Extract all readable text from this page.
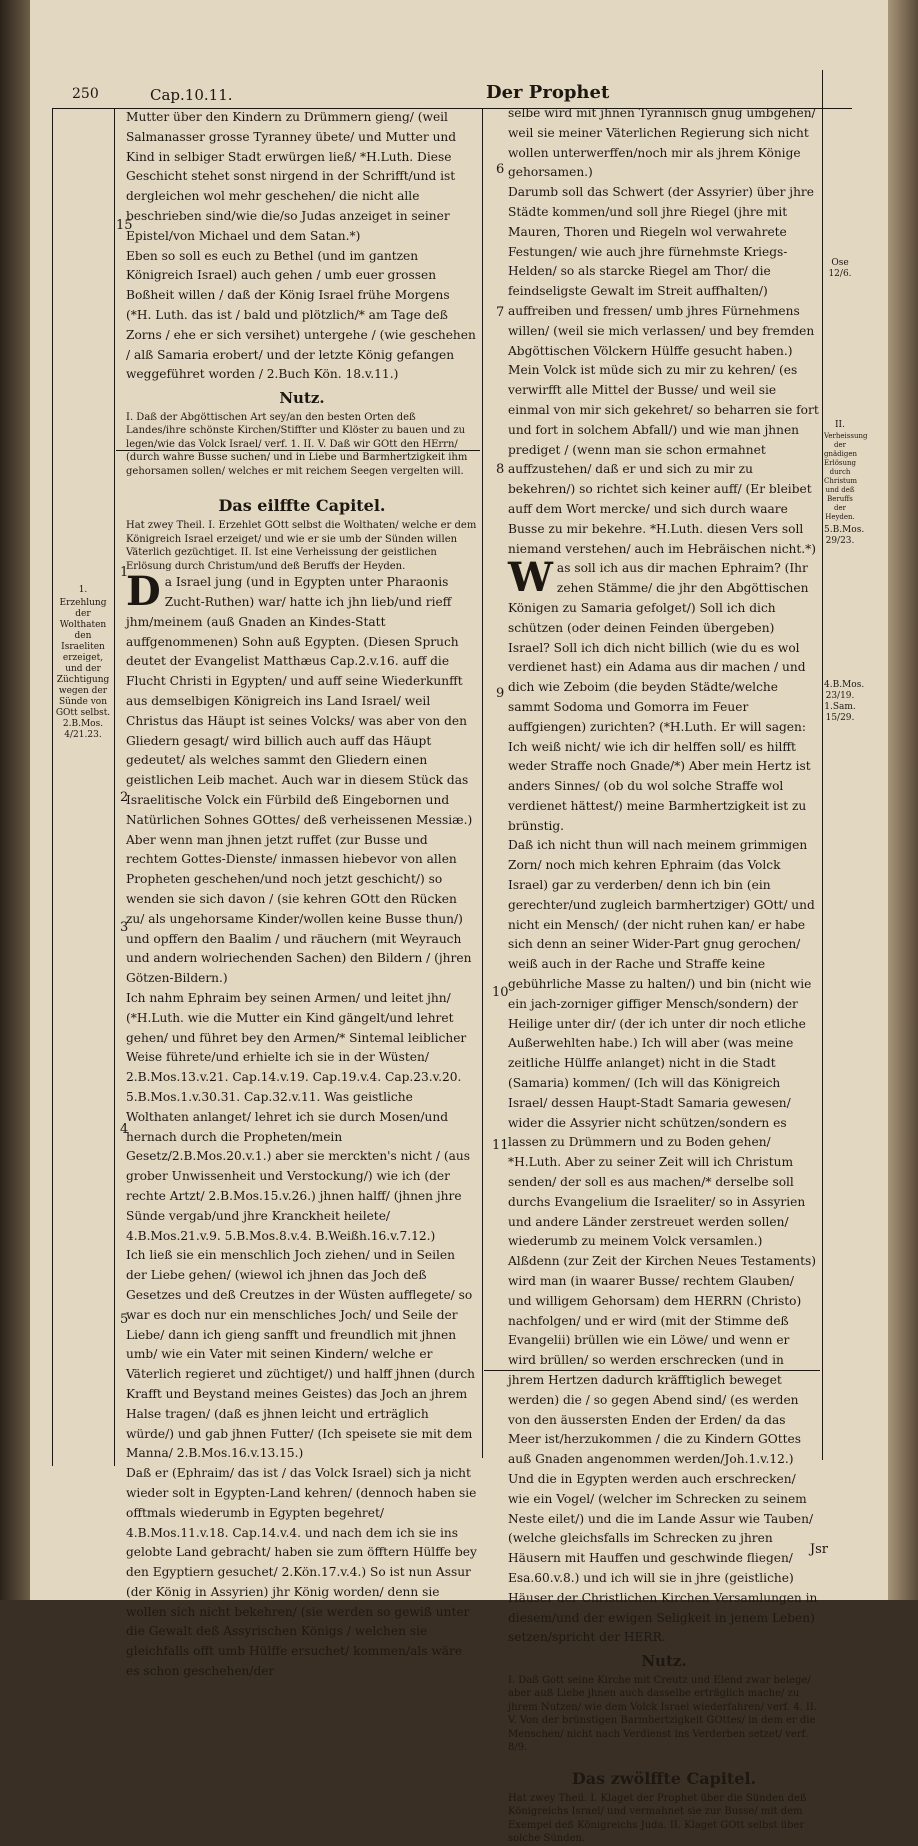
250	Cap.10.11.	Der Prophet
1.
Erzehlung der Wolthaten den Israeliten erzeiget, und der Züchtigung wegen der Sünde von GOtt selbst. 2.B.Mos. 4/21.23.
Ose 12/6.
II.
Verheissung der gnädigen Erlösung durch Christum und deß Beruffs der Heyden.
5.B.Mos. 29/23.
4.B.Mos. 23/19. 1.Sam. 15/29.
15
1
2
3
4
5
6
7
8
9
10
11

Mutter über den Kindern zu Drümmern gieng/ (weil Salmanasser grosse Tyranney übete/ und Mutter und Kind in selbiger Stadt erwürgen ließ/ *H.Luth. Diese Geschicht stehet sonst nirgend in der Schrifft/und ist dergleichen wol mehr geschehen/ die nicht alle beschrieben sind/wie die/so Judas anzeiget in seiner Epistel/von Michael und dem Satan.*)

Eben so soll es euch zu Bethel (und im gantzen Königreich Israel) auch gehen / umb euer grossen Boßheit willen / daß der König Israel frühe Morgens (*H. Luth. das ist / bald und plötzlich/* am Tage deß Zorns / ehe er sich versihet) untergehe / (wie geschehen / alß Samaria erobert/ und der letzte König gefangen weggeführet worden / 2.Buch Kön. 18.v.11.)

Nutz.

I. Daß der Abgöttischen Art sey/an den besten Orten deß Landes/ihre schönste Kirchen/Stiffter und Klöster zu bauen und zu legen/wie das Volck Israel/ verf. 1. II. V. Daß wir GOtt den HErrn/ (durch wahre Busse suchen/ und in Liebe und Barmhertzigkeit ihm gehorsamen sollen/ welches er mit reichem Seegen vergelten will.

Das eilffte Capitel.

Hat zwey Theil. I. Erzehlet GOtt selbst die Wolthaten/ welche er dem Königreich Israel erzeiget/ und wie er sie umb der Sünden willen Väterlich gezüchtiget. II. Ist eine Verheissung der geistlichen Erlösung durch Christum/und deß Beruffs der Heyden.

Da Israel jung (und in Egypten unter Pharaonis Zucht-Ruthen) war/ hatte ich jhn lieb/und rieff jhm/meinem (auß Gnaden an Kindes-Statt auffgenommenen) Sohn auß Egypten. (Diesen Spruch deutet der Evangelist Matthæus Cap.2.v.16. auff die Flucht Christi in Egypten/ und auff seine Wiederkunfft aus demselbigen Königreich ins Land Israel/ weil Christus das Häupt ist seines Volcks/ was aber von den Gliedern gesagt/ wird billich auch auff das Häupt gedeutet/ als welches sammt den Gliedern einen geistlichen Leib machet. Auch war in diesem Stück das Israelitische Volck ein Fürbild deß Eingebornen und Natürlichen Sohnes GOttes/ deß verheissenen Messiæ.)

Aber wenn man jhnen jetzt ruffet (zur Busse und rechtem Gottes-Dienste/ inmassen hiebevor von allen Propheten geschehen/und noch jetzt geschicht/) so wenden sie sich davon / (sie kehren GOtt den Rücken zu/ als ungehorsame Kinder/wollen keine Busse thun/) und opffern den Baalim / und räuchern (mit Weyrauch und andern wolriechenden Sachen) den Bildern / (jhren Götzen-Bildern.)

Ich nahm Ephraim bey seinen Armen/ und leitet jhn/ (*H.Luth. wie die Mutter ein Kind gängelt/und lehret gehen/ und führet bey den Armen/* Sintemal leiblicher Weise führete/und erhielte ich sie in der Wüsten/ 2.B.Mos.13.v.21. Cap.14.v.19. Cap.19.v.4. Cap.23.v.20. 5.B.Mos.1.v.30.31. Cap.32.v.11. Was geistliche Wolthaten anlanget/ lehret ich sie durch Mosen/und hernach durch die Propheten/mein Gesetz/2.B.Mos.20.v.1.) aber sie merckten's nicht / (aus grober Unwissenheit und Verstockung/) wie ich (der rechte Artzt/ 2.B.Mos.15.v.26.) jhnen halff/ (jhnen jhre Sünde vergab/und jhre Kranckheit heilete/ 4.B.Mos.21.v.9. 5.B.Mos.8.v.4. B.Weißh.16.v.7.12.)

Ich ließ sie ein menschlich Joch ziehen/ und in Seilen der Liebe gehen/ (wiewol ich jhnen das Joch deß Gesetzes und deß Creutzes in der Wüsten aufflegete/ so war es doch nur ein menschliches Joch/ und Seile der Liebe/ dann ich gieng sanfft und freundlich mit jhnen umb/ wie ein Vater mit seinen Kindern/ welche er Väterlich regieret und züchtiget/) und halff jhnen (durch Krafft und Beystand meines Geistes) das Joch an jhrem Halse tragen/ (daß es jhnen leicht und erträglich würde/) und gab jhnen Futter/ (Ich speisete sie mit dem Manna/ 2.B.Mos.16.v.13.15.)

Daß er (Ephraim/ das ist / das Volck Israel) sich ja nicht wieder solt in Egypten-Land kehren/ (dennoch haben sie offtmals wiederumb in Egypten begehret/ 4.B.Mos.11.v.18. Cap.14.v.4. und nach dem ich sie ins gelobte Land gebracht/ haben sie zum öfftern Hülffe bey den Egyptiern gesuchet/ 2.Kön.17.v.4.) So ist nun Assur (der König in Assyrien) jhr König worden/ denn sie wollen sich nicht bekehren/ (sie werden so gewiß unter die Gewalt deß Assyrischen Königs / welchen sie gleichfalls offt umb Hülffe ersuchet/ kommen/als wäre es schon geschehen/der

selbe wird mit jhnen Tyrannisch gnug umbgehen/ weil sie meiner Väterlichen Regierung sich nicht wollen unterwerffen/noch mir als jhrem Könige gehorsamen.)

Darumb soll das Schwert (der Assyrier) über jhre Städte kommen/und soll jhre Riegel (jhre mit Mauren, Thoren und Riegeln wol verwahrete Festungen/ wie auch jhre fürnehmste Kriegs-Helden/ so als starcke Riegel am Thor/ die feindseligste Gewalt im Streit auffhalten/) auffreiben und fressen/ umb jhres Fürnehmens willen/ (weil sie mich verlassen/ und bey fremden Abgöttischen Völckern Hülffe gesucht haben.)

Mein Volck ist müde sich zu mir zu kehren/ (es verwirfft alle Mittel der Busse/ und weil sie einmal von mir sich gekehret/ so beharren sie fort und fort in solchem Abfall/) und wie man jhnen prediget / (wenn man sie schon ermahnet auffzustehen/ daß er und sich zu mir zu bekehren/) so richtet sich keiner auff/ (Er bleibet auff dem Wort mercke/ und sich durch waare Busse zu mir bekehre. *H.Luth. diesen Vers soll niemand verstehen/ auch im Hebräischen nicht.*)

Was soll ich aus dir machen Ephraim? (Ihr zehen Stämme/ die jhr den Abgöttischen Königen zu Samaria gefolget/) Soll ich dich schützen (oder deinen Feinden übergeben) Israel? Soll ich dich nicht billich (wie du es wol verdienet hast) ein Adama aus dir machen / und dich wie Zeboim (die beyden Städte/welche sammt Sodoma und Gomorra im Feuer auffgiengen) zurichten? (*H.Luth. Er will sagen: Ich weiß nicht/ wie ich dir helffen soll/ es hilfft weder Straffe noch Gnade/*) Aber mein Hertz ist anders Sinnes/ (ob du wol solche Straffe wol verdienet hättest/) meine Barmhertzigkeit ist zu brünstig.

Daß ich nicht thun will nach meinem grimmigen Zorn/ noch mich kehren Ephraim (das Volck Israel) gar zu verderben/ denn ich bin (ein gerechter/und zugleich barmhertziger) GOtt/ und nicht ein Mensch/ (der nicht ruhen kan/ er habe sich denn an seiner Wider-Part gnug gerochen/ weiß auch in der Rache und Straffe keine gebührliche Masse zu halten/) und bin (nicht wie ein jach-zorniger giffiger Mensch/sondern) der Heilige unter dir/ (der ich unter dir noch etliche Außerwehlten habe.) Ich will aber (was meine zeitliche Hülffe anlanget) nicht in die Stadt (Samaria) kommen/ (Ich will das Königreich Israel/ dessen Haupt-Stadt Samaria gewesen/ wider die Assyrier nicht schützen/sondern es lassen zu Drümmern und zu Boden gehen/ *H.Luth. Aber zu seiner Zeit will ich Christum senden/ der soll es aus machen/* derselbe soll durchs Evangelium die Israeliter/ so in Assyrien und andere Länder zerstreuet werden sollen/ wiederumb zu meinem Volck versamlen.)

Alßdenn (zur Zeit der Kirchen Neues Testaments) wird man (in waarer Busse/ rechtem Glauben/ und willigem Gehorsam) dem HERRN (Christo) nachfolgen/ und er wird (mit der Stimme deß Evangelii) brüllen wie ein Löwe/ und wenn er wird brüllen/ so werden erschrecken (und in jhrem Hertzen dadurch kräfftiglich beweget werden) die / so gegen Abend sind/ (es werden von den äussersten Enden der Erden/ da das Meer ist/herzukommen / die zu Kindern GOttes auß Gnaden angenommen werden/Joh.1.v.12.)

Und die in Egypten werden auch erschrecken/ wie ein Vogel/ (welcher im Schrecken zu seinem Neste eilet/) und die im Lande Assur wie Tauben/ (welche gleichsfalls im Schrecken zu jhren Häusern mit Hauffen und geschwinde fliegen/ Esa.60.v.8.) und ich will sie in jhre (geistliche) Häuser der Christlichen Kirchen Versamlungen in diesem/und der ewigen Seligkeit in jenem Leben) setzen/spricht der HERR.

Nutz.

I. Daß Gott seine Kirche mit Creutz und Elend zwar belege/ aber auß Liebe jhnen auch dasselbe erträglich mache/ zu jhrem Nutzen/ wie dem Volck Israel wiederfahren/ verf. 4. II. V. Von der brünstigen Barmhertzigkeit GOttes/ in dem er die Menschen/ nicht nach Verdienst ins Verderben setzet/ verf. 8/9.

Das zwölffte Capitel.

Hat zwey Theil. I. Klaget der Prophet über die Sünden deß Königreichs Israel/ und vermahnet sie zur Busse/ mit dem Exempel deß Königreichs Juda. II. Klaget GOtt selbst über solche Sünden.

Jsr
